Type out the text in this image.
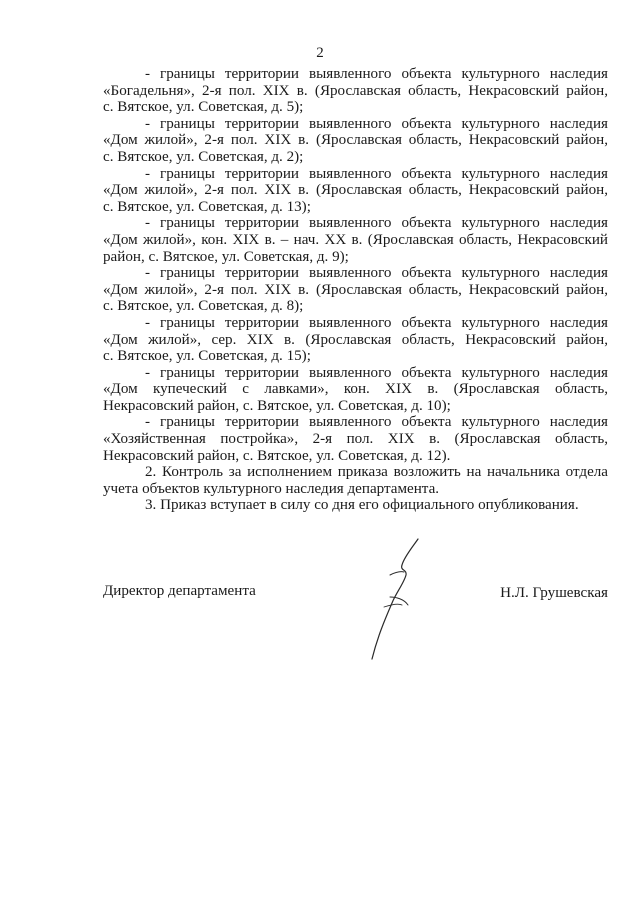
2
- границы территории выявленного объекта культурного наследия
«Богадельня», 2-я пол. XIX в. (Ярославская область, Некрасовский район,
с. Вятское, ул. Советская, д. 5);
- границы территории выявленного объекта культурного наследия
«Дом жилой», 2-я пол. XIX в. (Ярославская область, Некрасовский район,
с. Вятское, ул. Советская, д. 2);
- границы территории выявленного объекта культурного наследия
«Дом жилой», 2-я пол. XIX в. (Ярославская область, Некрасовский район,
с. Вятское, ул. Советская, д. 13);
- границы территории выявленного объекта культурного наследия
«Дом жилой», кон. XIX в. – нач. XX в. (Ярославская область, Некрасовский
район, с. Вятское, ул. Советская, д. 9);
- границы территории выявленного объекта культурного наследия
«Дом жилой», 2-я пол. XIX в. (Ярославская область, Некрасовский район,
с. Вятское, ул. Советская, д. 8);
- границы территории выявленного объекта культурного наследия
«Дом жилой», сер. XIX в. (Ярославская область, Некрасовский район,
с. Вятское, ул. Советская, д. 15);
- границы территории выявленного объекта культурного наследия
«Дом купеческий с лавками», кон. XIX в. (Ярославская область,
Некрасовский район, с. Вятское, ул. Советская, д. 10);
- границы территории выявленного объекта культурного наследия
«Хозяйственная постройка», 2-я пол. XIX в. (Ярославская область,
Некрасовский район, с. Вятское, ул. Советская, д. 12).
2. Контроль за исполнением приказа возложить на начальника отдела
учета объектов культурного наследия департамента.
3. Приказ вступает в силу со дня его официального опубликования.
Директор департамента	Н.Л. Грушевская
